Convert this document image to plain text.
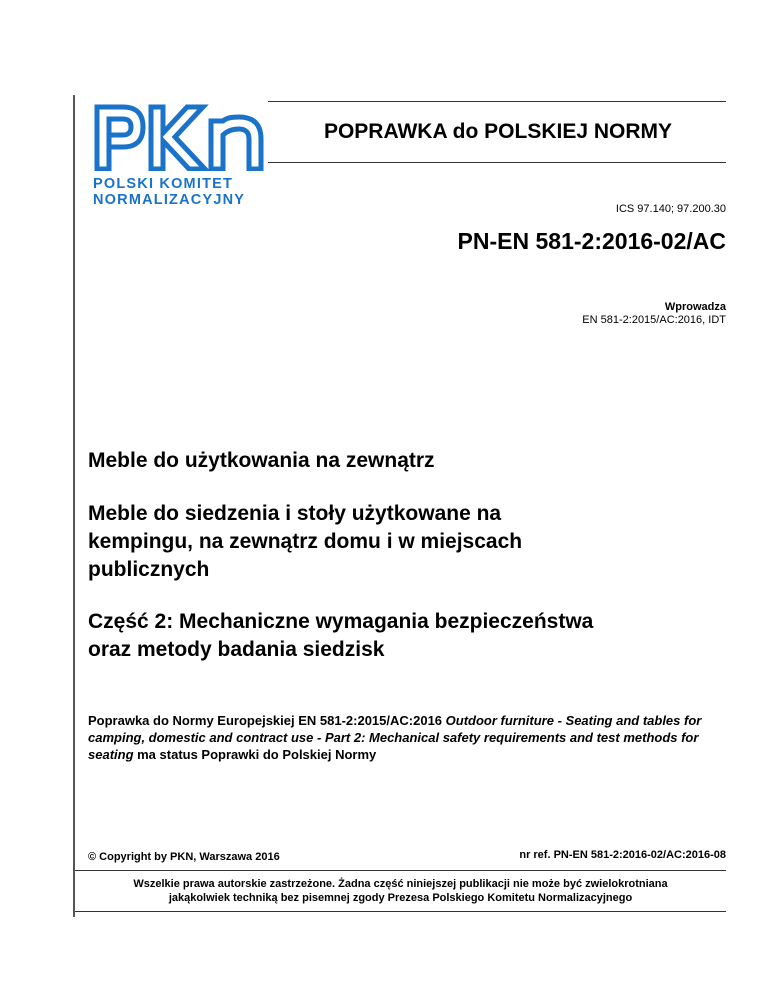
POLSKI KOMITET
NORMALIZACYJNY
POPRAWKA do POLSKIEJ NORMY
ICS 97.140; 97.200.30
PN-EN 581-2:2016-02/AC
Wprowadza
EN 581-2:2015/AC:2016, IDT
Meble do użytkowania na zewnątrz
Meble do siedzenia i stoły użytkowane na
kempingu, na zewnątrz domu i w miejscach
publicznych
Część 2: Mechaniczne wymagania bezpieczeństwa
oraz metody badania siedzisk
Poprawka do Normy Europejskiej EN 581-2:2015/AC:2016 Outdoor furniture - Seating and tables for camping, domestic and contract use - Part 2: Mechanical safety requirements and test methods for seating ma status Poprawki do Polskiej Normy
© Copyright by PKN, Warszawa 2016	nr ref. PN-EN 581-2:2016-02/AC:2016-08
Wszelkie prawa autorskie zastrzeżone. Żadna część niniejszej publikacji nie może być zwielokrotniana
jakąkolwiek techniką bez pisemnej zgody Prezesa Polskiego Komitetu Normalizacyjnego
